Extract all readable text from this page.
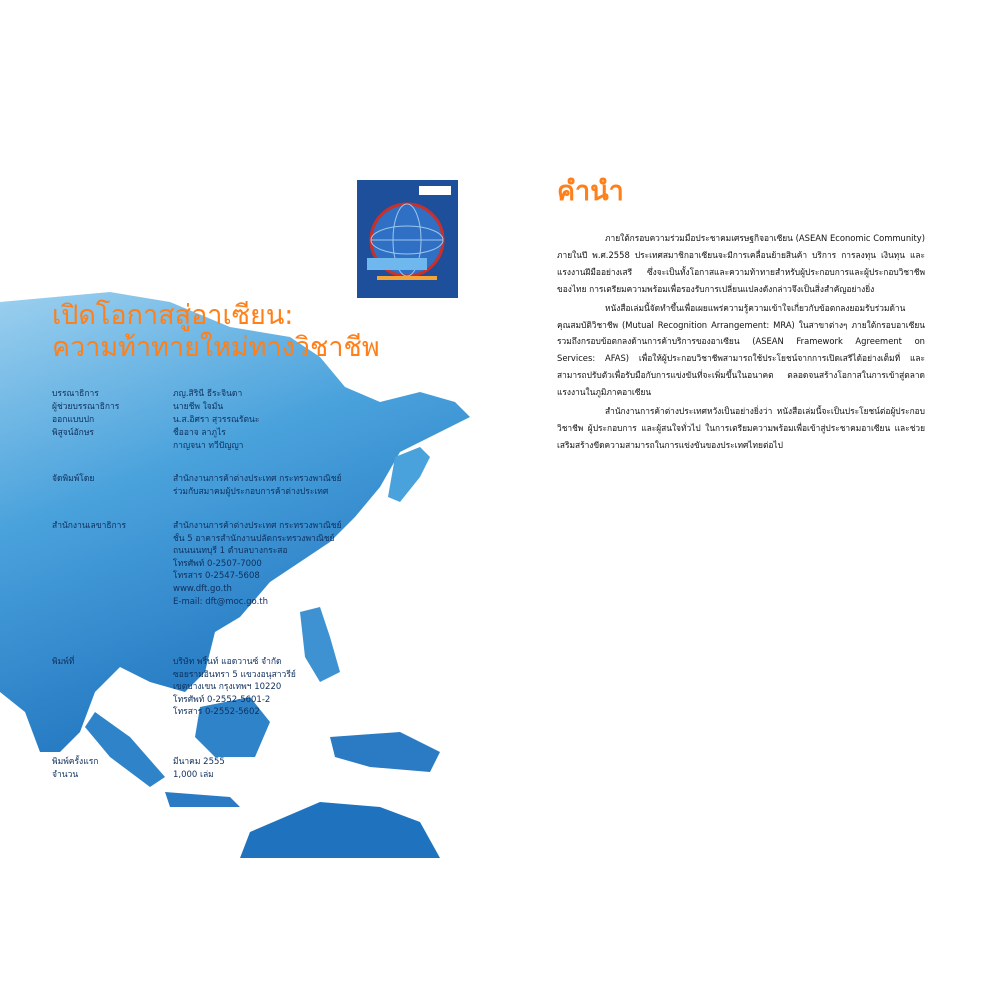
เปิดโอกาสสู่อาเซียน:
ความท้าทายใหม่ทางวิชาชีพ
บรรณาธิการ	ภญ.สิรินี ธีระจินดา
ผู้ช่วยบรรณาธิการ	นายชีพ ใจมั่น
ออกแบบปก	น.ส.อิศรา สุวรรณรัตนะ
พิสูจน์อักษร	ชื่ออาจ ลาภูไร
กาญจนา ทวีปัญญา
จัดพิมพ์โดย	สำนักงานการค้าต่างประเทศ กระทรวงพาณิชย์
ร่วมกับสมาคมผู้ประกอบการค้าต่างประเทศ
สำนักงานเลขาธิการ	สำนักงานการค้าต่างประเทศ กระทรวงพาณิชย์
ชั้น 5 อาคารสำนักงานปลัดกระทรวงพาณิชย์
ถนนนนทบุรี 1 ตำบลบางกระสอ
โทรศัพท์ 0-2507-7000
โทรสาร 0-2547-5608
www.dft.go.th
E-mail: dft@moc.go.th
พิมพ์ที่	บริษัท พริ้นท์ แอดวานซ์ จำกัด
ซอยรามอินทรา 5 แขวงอนุสาวรีย์
เขตบางเขน กรุงเทพฯ 10220
โทรศัพท์ 0-2552-5601-2
โทรสาร 0-2552-5602
พิมพ์ครั้งแรก	มีนาคม 2555
จำนวน	1,000 เล่ม
คำนำ

ภายใต้กรอบความร่วมมือประชาคมเศรษฐกิจอาเซียน (ASEAN Economic Community) ภายในปี พ.ศ.2558 ประเทศสมาชิกอาเซียนจะมีการเคลื่อนย้ายสินค้า บริการ การลงทุน เงินทุน และแรงงานฝีมืออย่างเสรี ซึ่งจะเป็นทั้งโอกาสและความท้าทายสำหรับผู้ประกอบการและผู้ประกอบวิชาชีพของไทย การเตรียมความพร้อมเพื่อรองรับการเปลี่ยนแปลงดังกล่าวจึงเป็นสิ่งสำคัญอย่างยิ่ง

หนังสือเล่มนี้จัดทำขึ้นเพื่อเผยแพร่ความรู้ความเข้าใจเกี่ยวกับข้อตกลงยอมรับร่วมด้านคุณสมบัติวิชาชีพ (Mutual Recognition Arrangement: MRA) ในสาขาต่างๆ ภายใต้กรอบอาเซียน รวมถึงกรอบข้อตกลงด้านการค้าบริการของอาเซียน (ASEAN Framework Agreement on Services: AFAS) เพื่อให้ผู้ประกอบวิชาชีพสามารถใช้ประโยชน์จากการเปิดเสรีได้อย่างเต็มที่ และสามารถปรับตัวเพื่อรับมือกับการแข่งขันที่จะเพิ่มขึ้นในอนาคต ตลอดจนสร้างโอกาสในการเข้าสู่ตลาดแรงงานในภูมิภาคอาเซียน

สำนักงานการค้าต่างประเทศหวังเป็นอย่างยิ่งว่า หนังสือเล่มนี้จะเป็นประโยชน์ต่อผู้ประกอบวิชาชีพ ผู้ประกอบการ และผู้สนใจทั่วไป ในการเตรียมความพร้อมเพื่อเข้าสู่ประชาคมอาเซียน และช่วยเสริมสร้างขีดความสามารถในการแข่งขันของประเทศไทยต่อไป
